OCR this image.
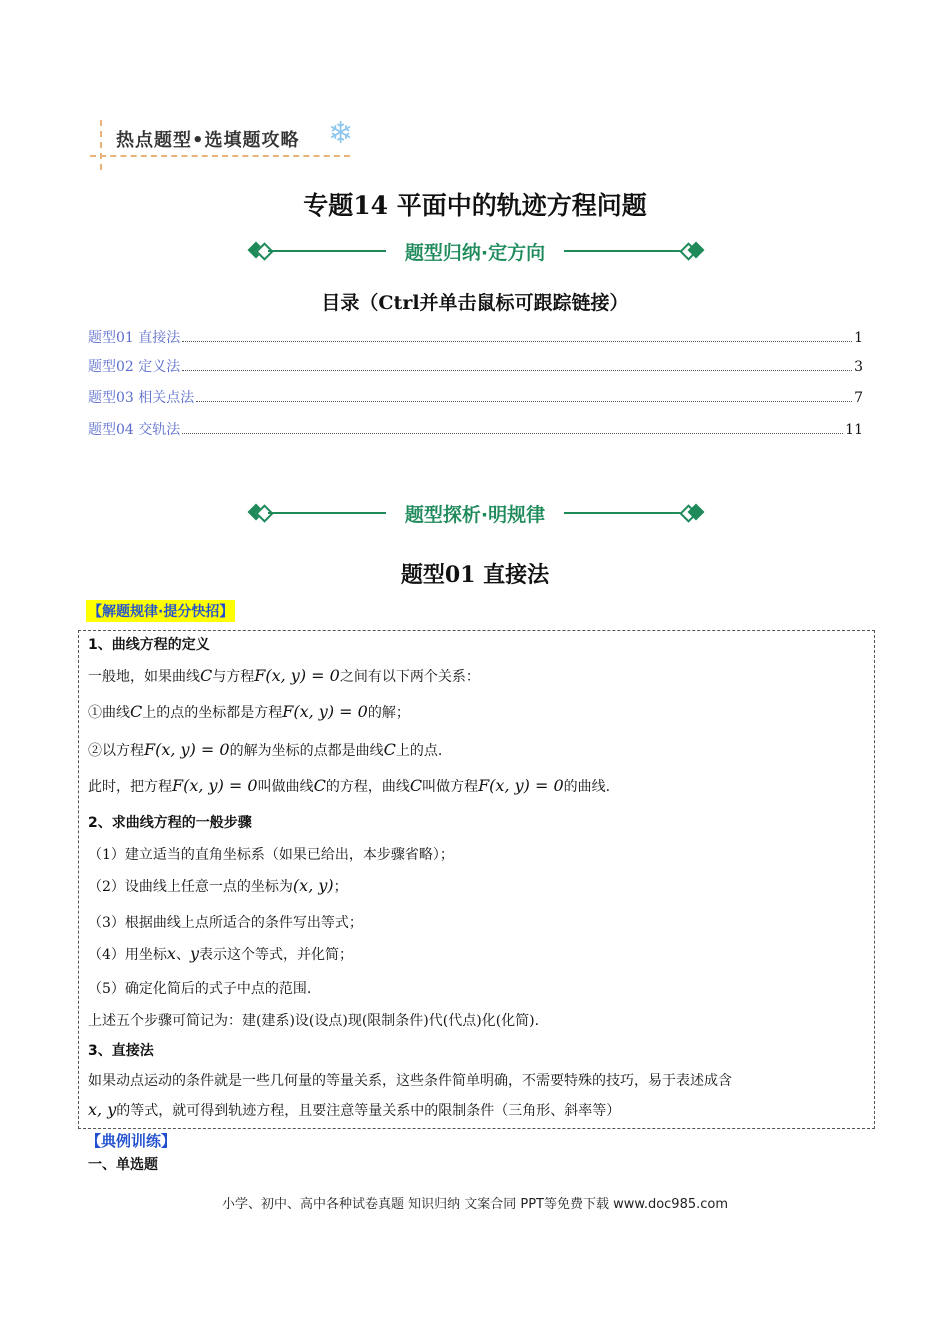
热点题型•选填题攻略 ❄
专题14 平面中的轨迹方程问题
题型归纳·定方向
目录（Ctrl并单击鼠标可跟踪链接）
题型01 直接法	1
题型02 定义法	3
题型03 相关点法	7
题型04 交轨法	11
题型探析·明规律
题型01 直接法
【解题规律·提分快招】
1、曲线方程的定义
一般地，如果曲线C与方程F(x, y) = 0之间有以下两个关系：
①曲线C上的点的坐标都是方程F(x, y) = 0的解；
②以方程F(x, y) = 0的解为坐标的点都是曲线C上的点.
此时，把方程F(x, y) = 0叫做曲线C的方程，曲线C叫做方程F(x, y) = 0的曲线.
2、求曲线方程的一般步骤
（1）建立适当的直角坐标系（如果已给出，本步骤省略）；
（2）设曲线上任意一点的坐标为(x, y)；
（3）根据曲线上点所适合的条件写出等式；
（4）用坐标x、y表示这个等式，并化简；
（5）确定化简后的式子中点的范围.
上述五个步骤可简记为：建(建系)设(设点)现(限制条件)代(代点)化(化简).
3、直接法
如果动点运动的条件就是一些几何量的等量关系，这些条件简单明确，不需要特殊的技巧，易于表述成含
x, y的等式，就可得到轨迹方程，且要注意等量关系中的限制条件（三角形、斜率等）
【典例训练】
一、单选题
小学、初中、高中各种试卷真题 知识归纳 文案合同 PPT等免费下载 www.doc985.com
